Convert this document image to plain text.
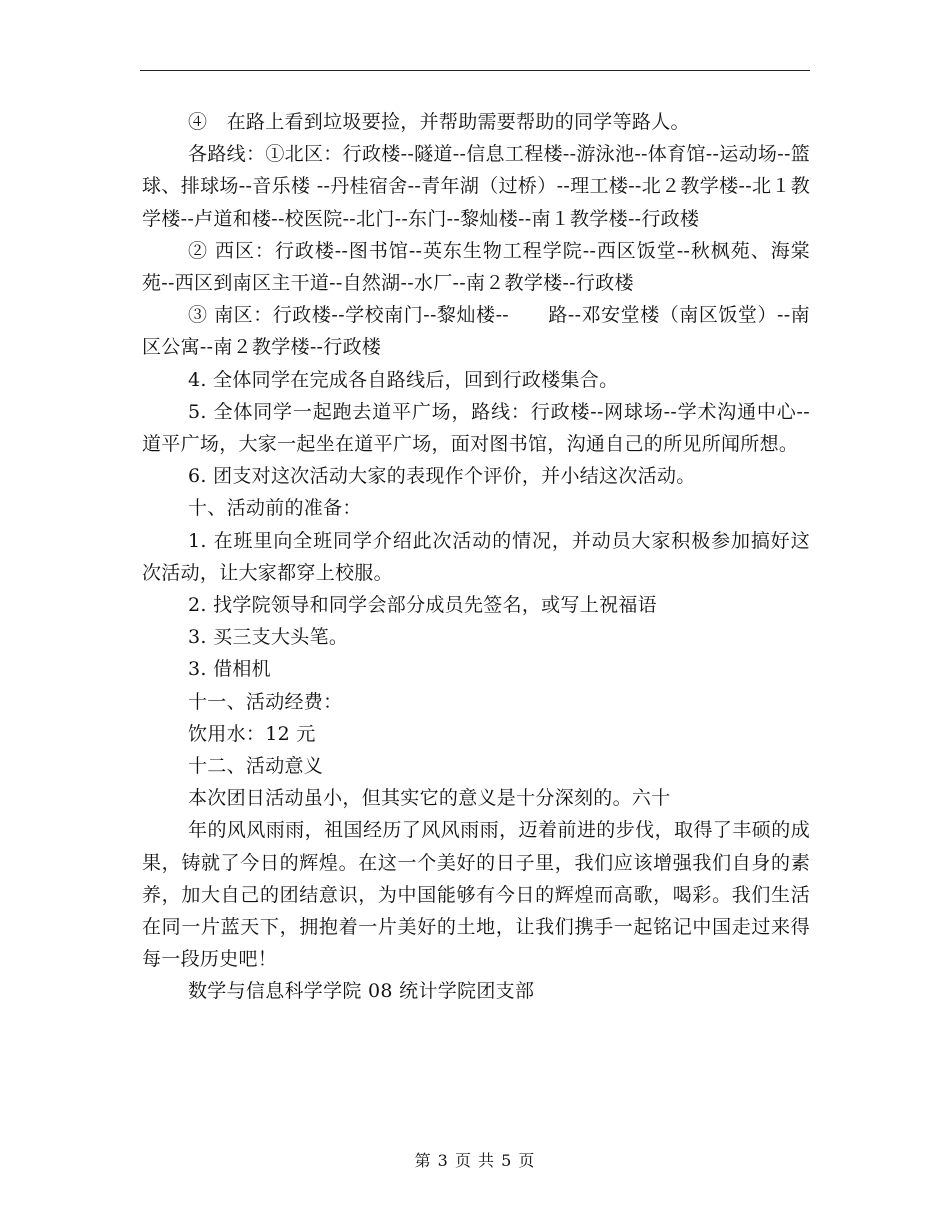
④　在路上看到垃圾要捡，并帮助需要帮助的同学等路人。

各路线：①北区：行政楼--隧道--信息工程楼--游泳池--体育馆--运动场--篮球、排球场--音乐楼 --丹桂宿舍--青年湖（过桥）--理工楼--北２教学楼--北１教学楼--卢道和楼--校医院--北门--东门--黎灿楼--南１教学楼--行政楼

② 西区：行政楼--图书馆--英东生物工程学院--西区饭堂--秋枫苑、海棠苑--西区到南区主干道--自然湖--水厂--南２教学楼--行政楼

③ 南区：行政楼--学校南门--黎灿楼--　　路--邓安堂楼（南区饭堂）--南区公寓--南２教学楼--行政楼

4. 全体同学在完成各自路线后，回到行政楼集合。

5. 全体同学一起跑去道平广场，路线：行政楼--网球场--学术沟通中心--道平广场，大家一起坐在道平广场，面对图书馆，沟通自己的所见所闻所想。

6. 团支对这次活动大家的表现作个评价，并小结这次活动。

十、活动前的准备：

1. 在班里向全班同学介绍此次活动的情况，并动员大家积极参加搞好这次活动，让大家都穿上校服。

2. 找学院领导和同学会部分成员先签名，或写上祝福语

3. 买三支大头笔。

3. 借相机

十一、活动经费：

饮用水：12 元

十二、活动意义

本次团日活动虽小，但其实它的意义是十分深刻的。六十

年的风风雨雨，祖国经历了风风雨雨，迈着前进的步伐，取得了丰硕的成果，铸就了今日的辉煌。在这一个美好的日子里，我们应该增强我们自身的素养，加大自己的团结意识，为中国能够有今日的辉煌而高歌，喝彩。我们生活在同一片蓝天下，拥抱着一片美好的土地，让我们携手一起铭记中国走过来得每一段历史吧！

数学与信息科学学院 08 统计学院团支部

第 3 页 共 5 页
